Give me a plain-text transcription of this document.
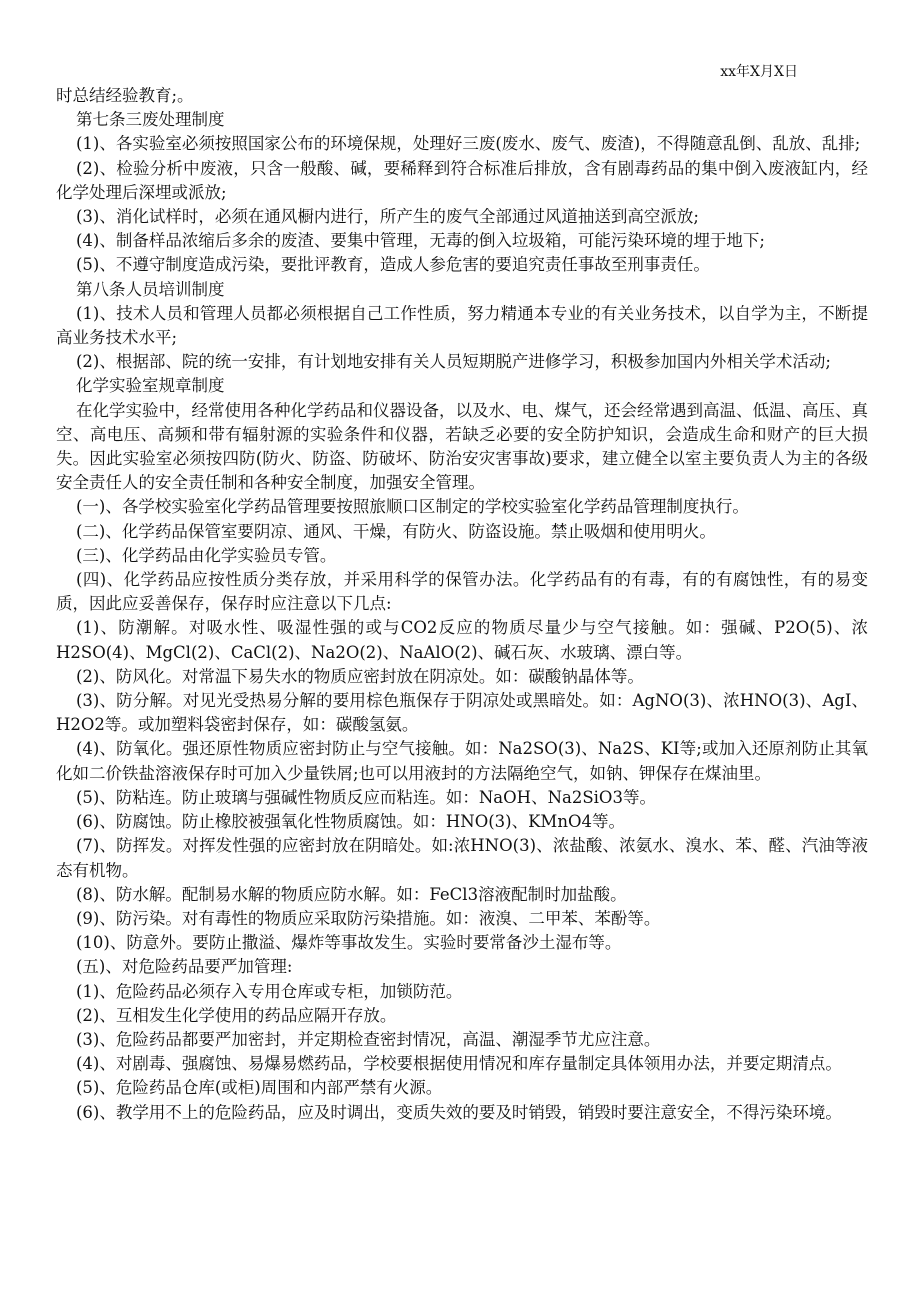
xx年X月X日

时总结经验教育;。

第七条三废处理制度

(1)、各实验室必须按照国家公布的环境保规，处理好三废(废水、废气、废渣)，不得随意乱倒、乱放、乱排;

(2)、检验分析中废液，只含一般酸、碱，要稀释到符合标准后排放，含有剧毒药品的集中倒入废液缸内，经化学处理后深埋或派放;

(3)、消化试样时，必须在通风橱内进行，所产生的废气全部通过风道抽送到高空派放;

(4)、制备样品浓缩后多余的废渣、要集中管理，无毒的倒入垃圾箱，可能污染环境的埋于地下;

(5)、不遵守制度造成污染，要批评教育，造成人参危害的要追究责任事故至刑事责任。

第八条人员培训制度

(1)、技术人员和管理人员都必须根据自己工作性质，努力精通本专业的有关业务技术，以自学为主，不断提高业务技术水平;

(2)、根据部、院的统一安排，有计划地安排有关人员短期脱产进修学习，积极参加国内外相关学术活动;

化学实验室规章制度

在化学实验中，经常使用各种化学药品和仪器设备，以及水、电、煤气，还会经常遇到高温、低温、高压、真空、高电压、高频和带有辐射源的实验条件和仪器，若缺乏必要的安全防护知识，会造成生命和财产的巨大损失。因此实验室必须按四防(防火、防盗、防破坏、防治安灾害事故)要求，建立健全以室主要负责人为主的各级安全责任人的安全责任制和各种安全制度，加强安全管理。

(一)、各学校实验室化学药品管理要按照旅顺口区制定的学校实验室化学药品管理制度执行。

(二)、化学药品保管室要阴凉、通风、干燥，有防火、防盗设施。禁止吸烟和使用明火。

(三)、化学药品由化学实验员专管。

(四)、化学药品应按性质分类存放，并采用科学的保管办法。化学药品有的有毒，有的有腐蚀性，有的易变质，因此应妥善保存，保存时应注意以下几点:

(1)、防潮解。对吸水性、吸湿性强的或与CO2反应的物质尽量少与空气接触。如：强碱、P2O(5)、浓H2SO(4)、MgCl(2)、CaCl(2)、Na2O(2)、NaAlO(2)、碱石灰、水玻璃、漂白等。

(2)、防风化。对常温下易失水的物质应密封放在阴凉处。如：碳酸钠晶体等。

(3)、防分解。对见光受热易分解的要用棕色瓶保存于阴凉处或黑暗处。如：AgNO(3)、浓HNO(3)、AgI、H2O2等。或加塑料袋密封保存，如：碳酸氢氨。

(4)、防氧化。强还原性物质应密封防止与空气接触。如：Na2SO(3)、Na2S、KI等;或加入还原剂防止其氧化如二价铁盐溶液保存时可加入少量铁屑;也可以用液封的方法隔绝空气，如钠、钾保存在煤油里。

(5)、防粘连。防止玻璃与强碱性物质反应而粘连。如：NaOH、Na2SiO3等。

(6)、防腐蚀。防止橡胶被强氧化性物质腐蚀。如：HNO(3)、KMnO4等。

(7)、防挥发。对挥发性强的应密封放在阴暗处。如:浓HNO(3)、浓盐酸、浓氨水、溴水、苯、醛、汽油等液态有机物。

(8)、防水解。配制易水解的物质应防水解。如：FeCl3溶液配制时加盐酸。

(9)、防污染。对有毒性的物质应采取防污染措施。如：液溴、二甲苯、苯酚等。

(10)、防意外。要防止撒溢、爆炸等事故发生。实验时要常备沙土湿布等。

(五)、对危险药品要严加管理:

(1)、危险药品必须存入专用仓库或专柜，加锁防范。

(2)、互相发生化学使用的药品应隔开存放。

(3)、危险药品都要严加密封，并定期检查密封情况，高温、潮湿季节尤应注意。

(4)、对剧毒、强腐蚀、易爆易燃药品，学校要根据使用情况和库存量制定具体领用办法，并要定期清点。

(5)、危险药品仓库(或柜)周围和内部严禁有火源。

(6)、教学用不上的危险药品，应及时调出，变质失效的要及时销毁，销毁时要注意安全，不得污染环境。
